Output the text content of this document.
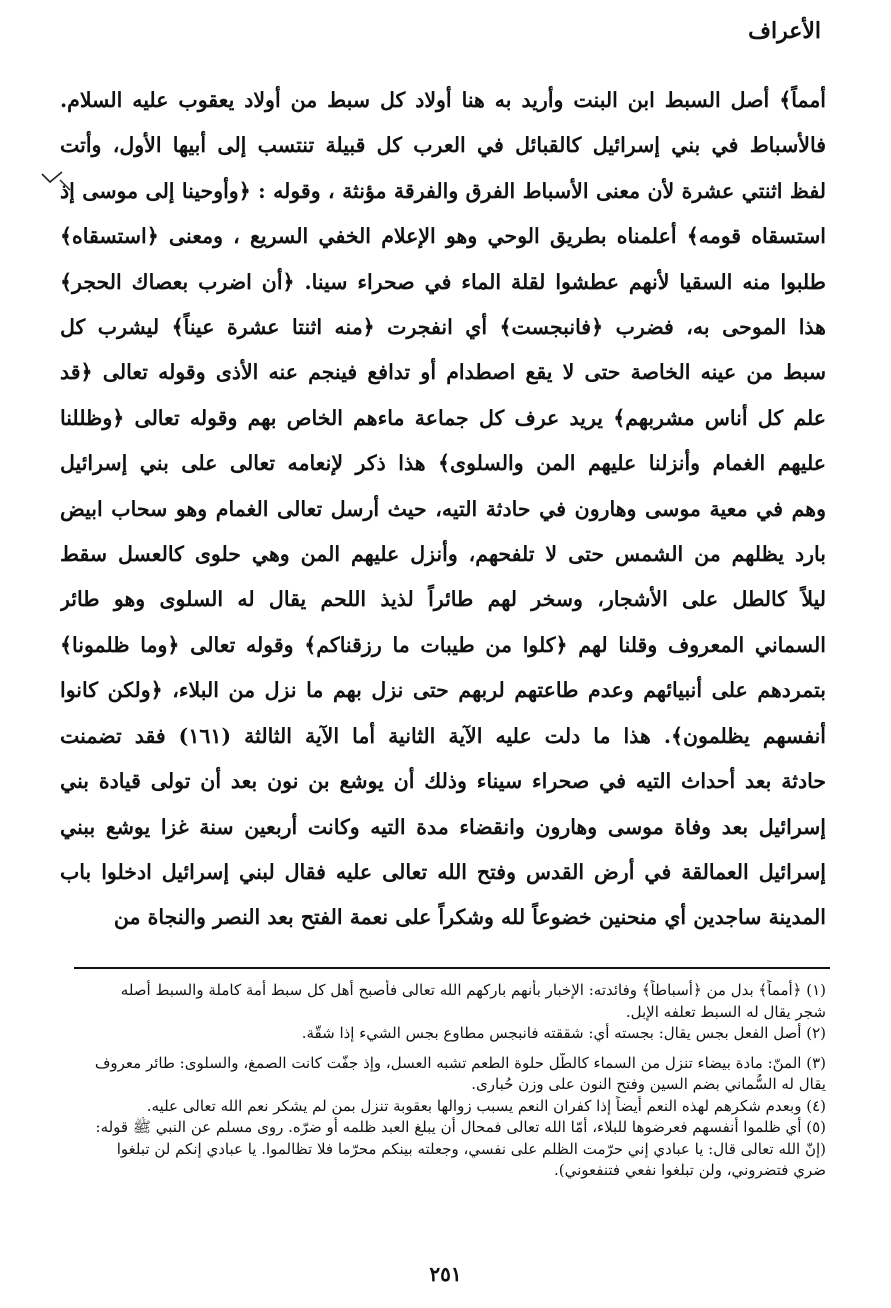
الأعراف
أمماً﴾ أصل السبط ابن البنت وأريد به هنا أولاد كل سبط من أولاد يعقوب عليه السلام.
فالأسباط في بني إسرائيل كالقبائل في العرب كل قبيلة تنتسب إلى أبيها الأول، وأتت
لفظ اثنتي عشرة لأن معنى الأسباط الفرق والفرقة مؤنثة ، وقوله : ﴿وأوحينا إلى موسى إذ
استسقاه قومه﴾ أعلمناه بطريق الوحي وهو الإعلام الخفي السريع ، ومعنى ﴿استسقاه﴾
طلبوا منه السقيا لأنهم عطشوا لقلة الماء في صحراء سينا. ﴿أن اضرب بعصاك الحجر﴾
هذا الموحى به، فضرب ﴿فانبجست﴾ أي انفجرت ﴿منه اثنتا عشرة عيناً﴾ ليشرب كل
سبط من عينه الخاصة حتى لا يقع اصطدام أو تدافع فينجم عنه الأذى وقوله تعالى ﴿قد
علم كل أناس مشربهم﴾ يريد عرف كل جماعة ماءهم الخاص بهم وقوله تعالى ﴿وظللنا
عليهم الغمام وأنزلنا عليهم المن والسلوى﴾ هذا ذكر لإنعامه تعالى على بني إسرائيل
وهم في معية موسى وهارون في حادثة التيه، حيث أرسل تعالى الغمام وهو سحاب ابيض
بارد يظلهم من الشمس حتى لا تلفحهم، وأنزل عليهم المن وهي حلوى كالعسل سقط
ليلاً كالطل على الأشجار، وسخر لهم طائراً لذيذ اللحم يقال له السلوى وهو طائر
السماني المعروف وقلنا لهم ﴿كلوا من طيبات ما رزقناكم﴾ وقوله تعالى ﴿وما ظلمونا﴾
بتمردهم على أنبيائهم وعدم طاعتهم لربهم حتى نزل بهم ما نزل من البلاء، ﴿ولكن كانوا
أنفسهم يظلمون﴾. هذا ما دلت عليه الآية الثانية أما الآية الثالثة (١٦١) فقد تضمنت
حادثة بعد أحداث التيه في صحراء سيناء وذلك أن يوشع بن نون بعد أن تولى قيادة بني
إسرائيل بعد وفاة موسى وهارون وانقضاء مدة التيه وكانت أربعين سنة غزا يوشع ببني
إسرائيل العمالقة في أرض القدس وفتح الله تعالى عليه فقال لبني إسرائيل ادخلوا باب
المدينة ساجدين أي منحنين خضوعاً لله وشكراً على نعمة الفتح بعد النصر والنجاة من
(١) ﴿أمماً﴾ بدل من ﴿أسباطاً﴾ وفائدته: الإخبار بأنهم باركهم الله تعالى فأصبح أهل كل سبط أمة كاملة والسبط أصله
شجر يقال له السبط تعلفه الإبل.
(٢) أصل الفعل بجس يقال: بجسته أي: شققته فانبجس مطاوع بجس الشيء إذا شقّة.
(٣) المنّ: مادة بيضاء تنزل من السماء كالطّل حلوة الطعم تشبه العسل، وإذ جفّت كانت الصمغ، والسلوى: طائر معروف
يقال له السُّماني بضم السين وفتح النون على وزن حُبارى.
(٤) وبعدم شكرهم لهذه النعم أيضاً إذا كفران النعم يسبب زوالها بعقوبة تنزل بمن لم يشكر نعم الله تعالى عليه.
(٥) أي ظلموا أنفسهم فعرضوها للبلاء، أمّا الله تعالى فمحال أن يبلغ العبد ظلمه أو ضرّه. روى مسلم عن النبي ﷺ قوله:
(إنّ الله تعالى قال: يا عبادي إني حرّمت الظلم على نفسي، وجعلته بينكم محرّما فلا تظالموا. يا عبادي إنكم لن تبلغوا
ضري فتضروني، ولن تبلغوا نفعي فتنفعوني).
٢٥١
